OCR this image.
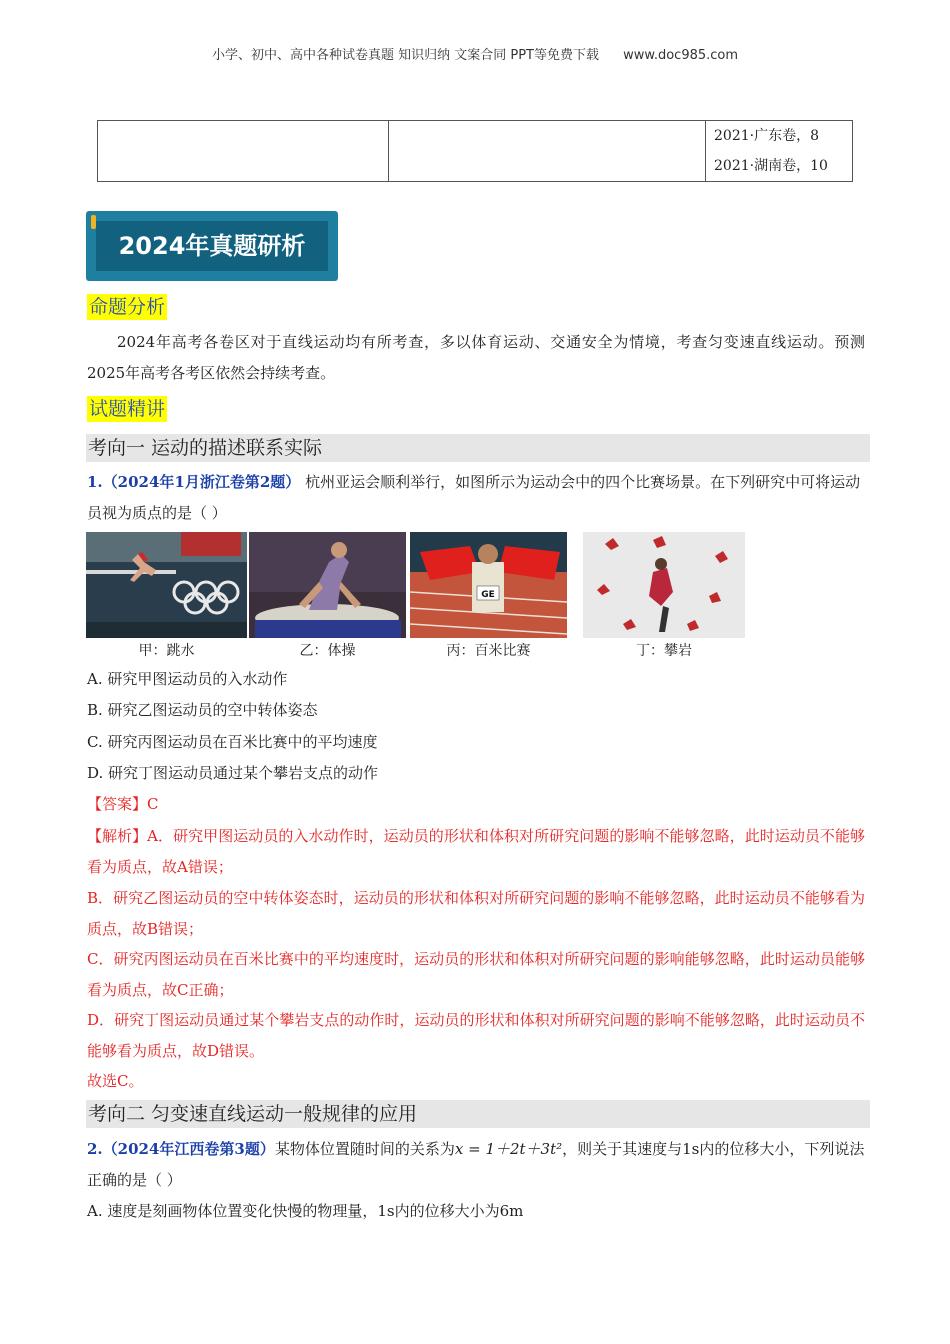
小学、初中、高中各种试卷真题 知识归纳 文案合同 PPT等免费下载 www.doc985.com

2021·广东卷，8
2021·湖南卷，10
2024年真题研析
命题分析
2024年高考各卷区对于直线运动均有所考查，多以体育运动、交通安全为情境，考查匀变速直线运动。预测2025年高考各考区依然会持续考查。
试题精讲
考向一 运动的描述联系实际
1.（2024年1月浙江卷第2题） 杭州亚运会顺利举行，如图所示为运动会中的四个比赛场景。在下列研究中可将运动员视为质点的是（ ）
GE
甲：跳水	乙：体操	丙：百米比赛	丁：攀岩
A. 研究甲图运动员的入水动作
B. 研究乙图运动员的空中转体姿态
C. 研究丙图运动员在百米比赛中的平均速度
D. 研究丁图运动员通过某个攀岩支点的动作
【答案】C
【解析】A．研究甲图运动员的入水动作时，运动员的形状和体积对所研究问题的影响不能够忽略，此时运动员不能够看为质点，故A错误；
B．研究乙图运动员的空中转体姿态时，运动员的形状和体积对所研究问题的影响不能够忽略，此时运动员不能够看为质点，故B错误；
C．研究丙图运动员在百米比赛中的平均速度时，运动员的形状和体积对所研究问题的影响能够忽略，此时运动员能够看为质点，故C正确；
D．研究丁图运动员通过某个攀岩支点的动作时，运动员的形状和体积对所研究问题的影响不能够忽略，此时运动员不能够看为质点，故D错误。
故选C。
考向二 匀变速直线运动一般规律的应用
2.（2024年江西卷第3题）某物体位置随时间的关系为x = 1＋2t＋3t²，则关于其速度与1s内的位移大小，下列说法正确的是（ ）
A. 速度是刻画物体位置变化快慢的物理量，1s内的位移大小为6m
